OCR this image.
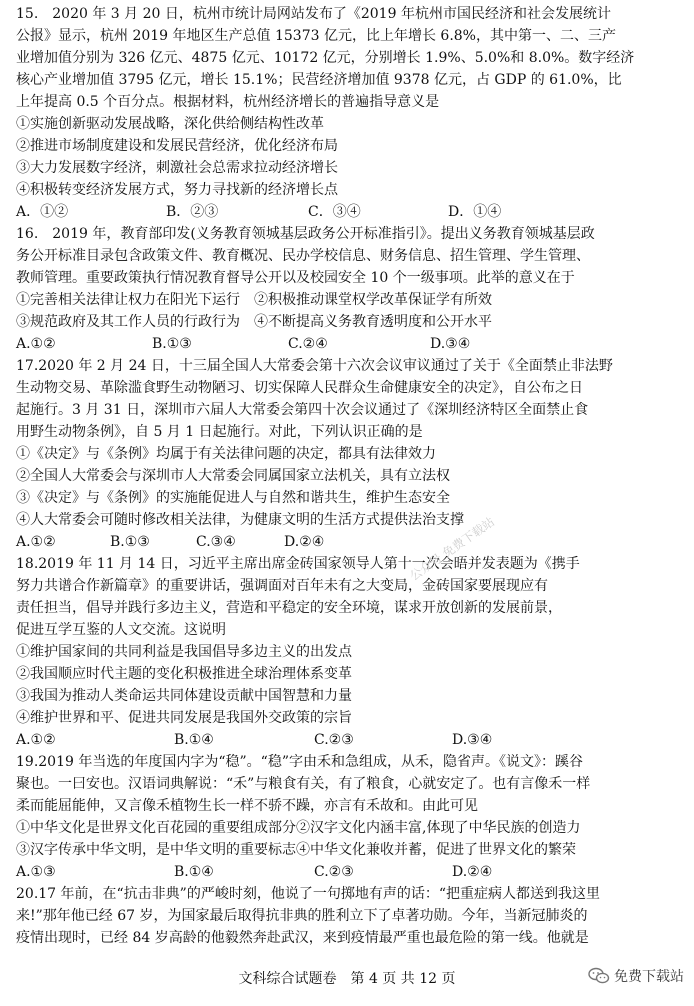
15.　2020 年 3 月 20 日，杭州市统计局网站发布了《2019 年杭州市国民经济和社会发展统计
公报》显示，杭州 2019 年地区生产总值 15373 亿元，比上年增长 6.8%，其中第一、二、三产
业增加值分别为 326 亿元、4875 亿元、10172 亿元，分别增长 1.9%、5.0%和 8.0%。数字经济
核心产业增加值 3795 亿元，增长 15.1%；民营经济增加值 9378 亿元，占 GDP 的 61.0%，比
上年提高 0.5 个百分点。根据材料，杭州经济增长的普遍指导意义是
①实施创新驱动发展战略，深化供给侧结构性改革
②推进市场制度建设和发展民营经济，优化经济布局
③大力发展数字经济，刺激社会总需求拉动经济增长
④积极转变经济发展方式，努力寻找新的经济增长点
A．①②	B．②③	C．③④	D．①④
16.　2019 年，教育部印发(义务教育领城基层政务公开标准指引》。提出义务教育领城基层政
务公开标准目录包含政策文件、教育概况、民办学校信息、财务信息、招生管理、学生管理、
教师管理。重要政策执行情况教育督导公开以及校园安全 10 个一级事项。此举的意义在于
①完善相关法律让权力在阳光下运行　②积极推动课堂权学改革保证学有所效
③规范政府及其工作人员的行政行为　④不断提高义务教育透明度和公开水平
A.①②	B.①③	C.②④	D.③④
17.2020 年 2 月 24 日，十三届全国人大常委会第十六次会议审议通过了关于《全面禁止非法野
生动物交易、革除滥食野生动物陋习、切实保障人民群众生命健康安全的决定》，自公布之日
起施行。3 月 31 日，深圳市六届人大常委会第四十次会议通过了《深圳经济特区全面禁止食
用野生动物条例》，自 5 月 1 日起施行。对此，下列认识正确的是
①《决定》与《条例》均属于有关法律问题的决定，都具有法律效力
②全国人大常委会与深圳市人大常委会同属国家立法机关，具有立法权
③《决定》与《条例》的实施能促进人与自然和谐共生，维护生态安全
④人大常委会可随时修改相关法律，为健康文明的生活方式提供法治支撑
A.①②	B.①③	C.③④	D.②④
18.2019 年 11 月 14 日，习近平主席出席金砖国家领导人第十一次会晤并发表题为《携手
努力共谱合作新篇章》的重要讲话，强调面对百年未有之大变局，金砖国家要展现应有
责任担当，倡导并践行多边主义，营造和平稳定的安全环境，谋求开放创新的发展前景，
促进互学互鉴的人文交流。这说明
①维护国家间的共同利益是我国倡导多边主义的出发点
②我国顺应时代主题的变化积极推进全球治理体系变革
③我国为推动人类命运共同体建设贡献中国智慧和力量
④维护世界和平、促进共同发展是我国外交政策的宗旨
A.①②	B.①④	C.②③	D.③④
19.2019 年当选的年度国内字为“稳”。“稳”字由禾和急组成，从禾，隐省声。《说文》：蹊谷
聚也。一曰安也。汉语词典解说：“禾”与粮食有关，有了粮食，心就安定了。也有言像禾一样
柔而能屈能伸，又言像禾植物生长一样不骄不躁，亦言有禾故和。由此可见
①中华文化是世界文化百花园的重要组成部分②汉字文化内涵丰富,体现了中华民族的创造力
③汉字传承中华文明，是中华文明的重要标志④中华文化兼收并蓄，促进了世界文化的繁荣
A.①③	B.①④	C.②③	D.②④
20.17 年前，在“抗击非典”的严峻时刻，他说了一句掷地有声的话：“把重症病人都送到我这里
来!”那年他已经 67 岁，为国家最后取得抗非典的胜利立下了卓著功勋。今年，当新冠肺炎的
疫情出现时，已经 84 岁高龄的他毅然奔赴武汉，来到疫情最严重也最危险的第一线。他就是
文科综合试题卷　第 4 页 共 12 页
公众号 免费下载站
免费下载站
